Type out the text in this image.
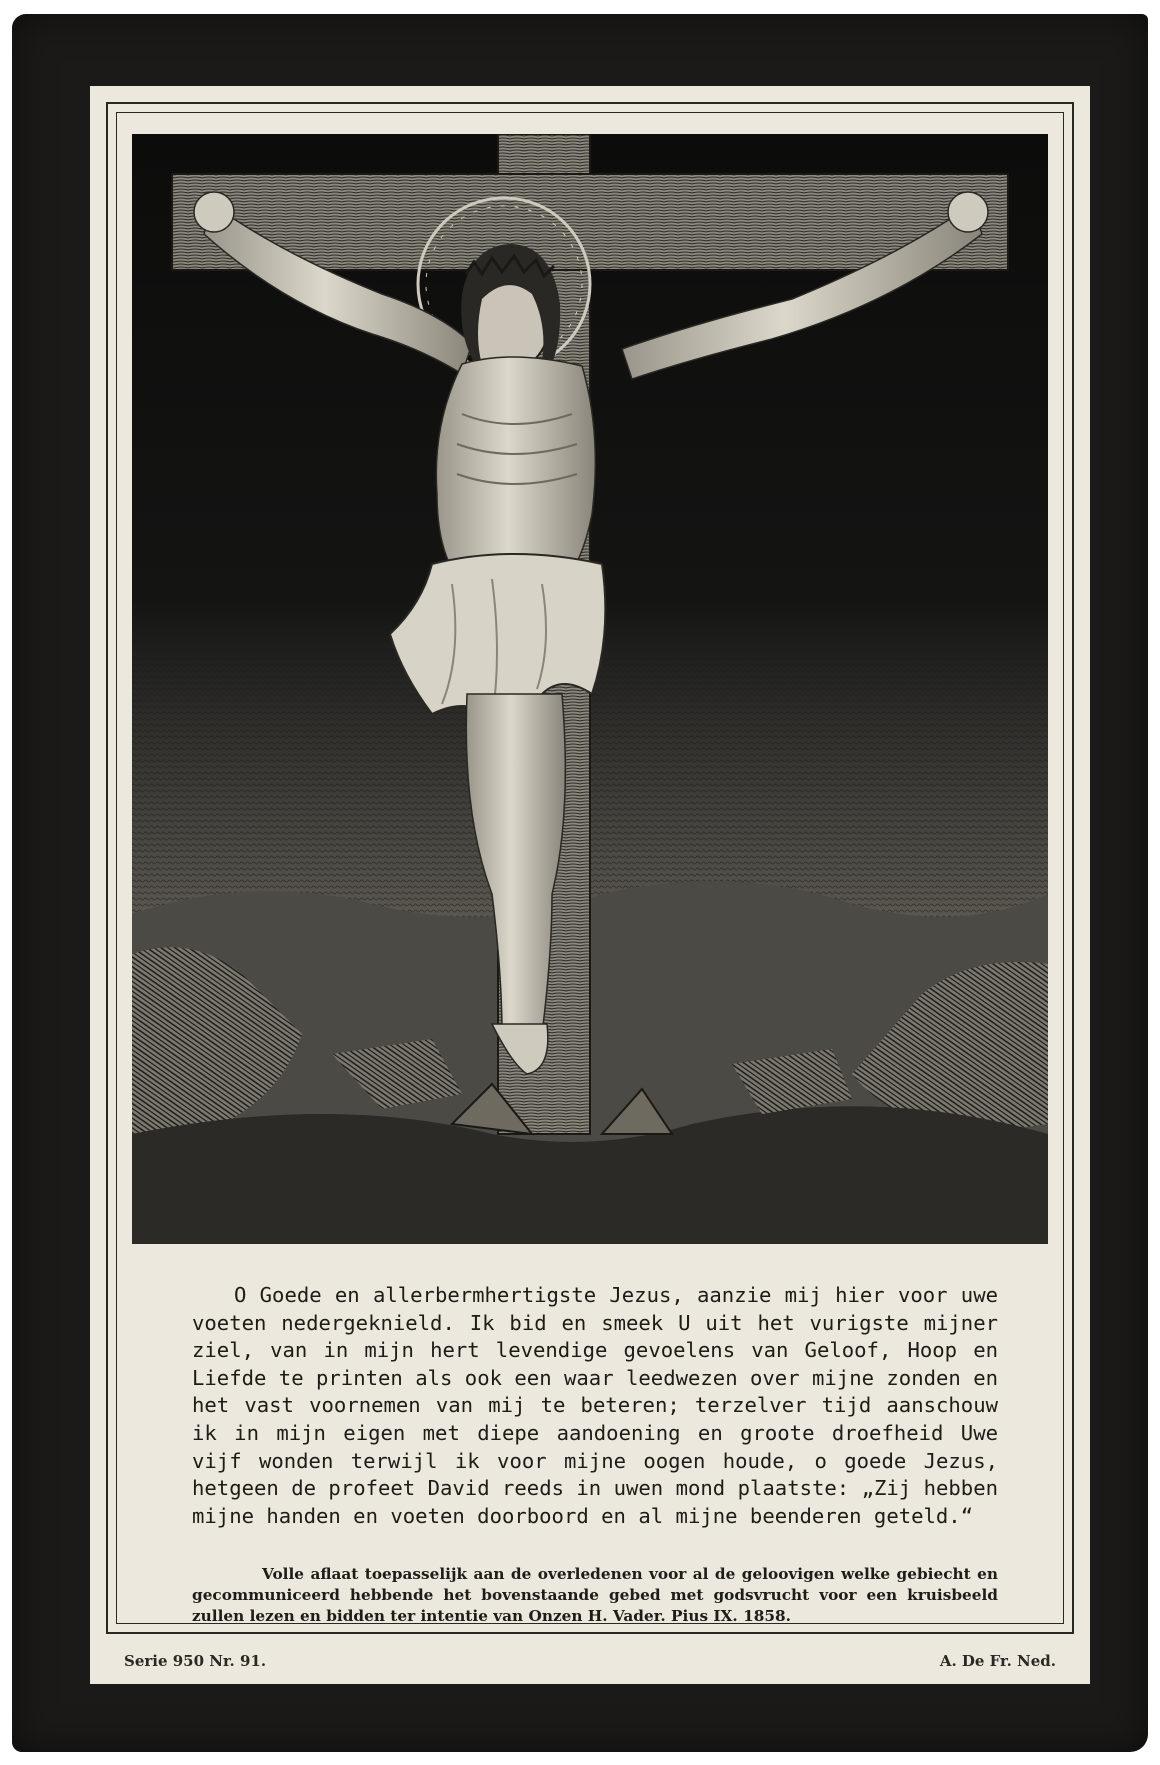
O Goede en allerbermhertigste Jezus, aanzie mij hier voor uwe voeten nedergeknield. Ik bid en smeek U uit het vurigste mijner ziel, van in mijn hert levendige gevoelens van Geloof, Hoop en Liefde te printen als ook een waar leedwezen over mijne zonden en het vast voornemen van mij te beteren; terzelver tijd aanschouw ik in mijn eigen met diepe aandoening en groote droefheid Uwe vijf wonden terwijl ik voor mijne oogen houde, o goede Jezus, hetgeen de profeet David reeds in uwen mond plaatste: „Zij hebben mijne handen en voeten doorboord en al mijne beenderen geteld.“

Volle aflaat toepasselijk aan de overledenen voor al de geloovigen welke gebiecht en gecommuniceerd hebbende het bovenstaande gebed met godsvrucht voor een kruisbeeld zullen lezen en bidden ter intentie van Onzen H. Vader. Pius IX. 1858.

Serie 950 Nr. 91.	A. De Fr. Ned.
